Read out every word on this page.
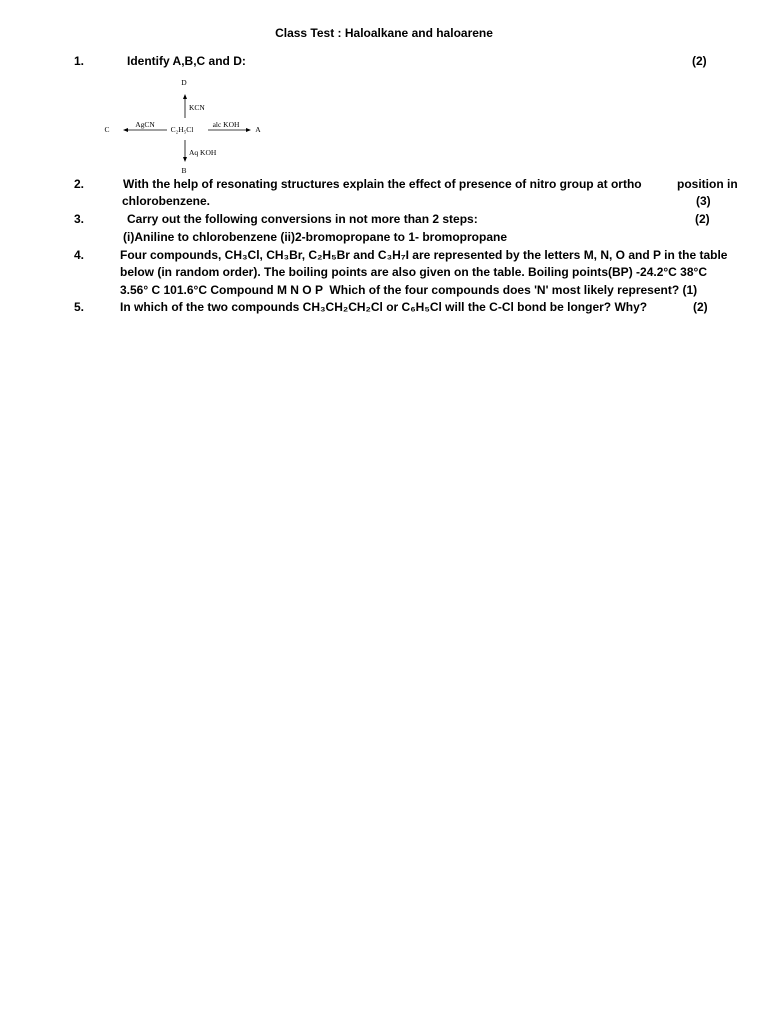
Class Test : Haloalkane and haloarene
1.	Identify A,B,C and D:	(2)
D
KCN
C
AgCN
C₂H₅Cl
alc KOH
A
Aq KOH
B
2.	With the help of resonating structures explain the effect of presence of nitro group at ortho	position in
chlorobenzene.	(3)
3.	Carry out the following conversions in not more than 2 steps:	(2)
(i)Aniline to chlorobenzene (ii)2-bromopropane to 1- bromopropane
4.	Four compounds, CH₃Cl, CH₃Br, C₂H₅Br and C₃H₇I are represented by the letters M, N, O and P in the table
below (in random order). The boiling points are also given on the table. Boiling points(BP) -24.2°C 38°C
3.56° C 101.6°C Compound M N O P  Which of the four compounds does 'N' most likely represent? (1)
5.	In which of the two compounds CH₃CH₂CH₂Cl or C₆H₅Cl will the C-Cl bond be longer? Why?	(2)
